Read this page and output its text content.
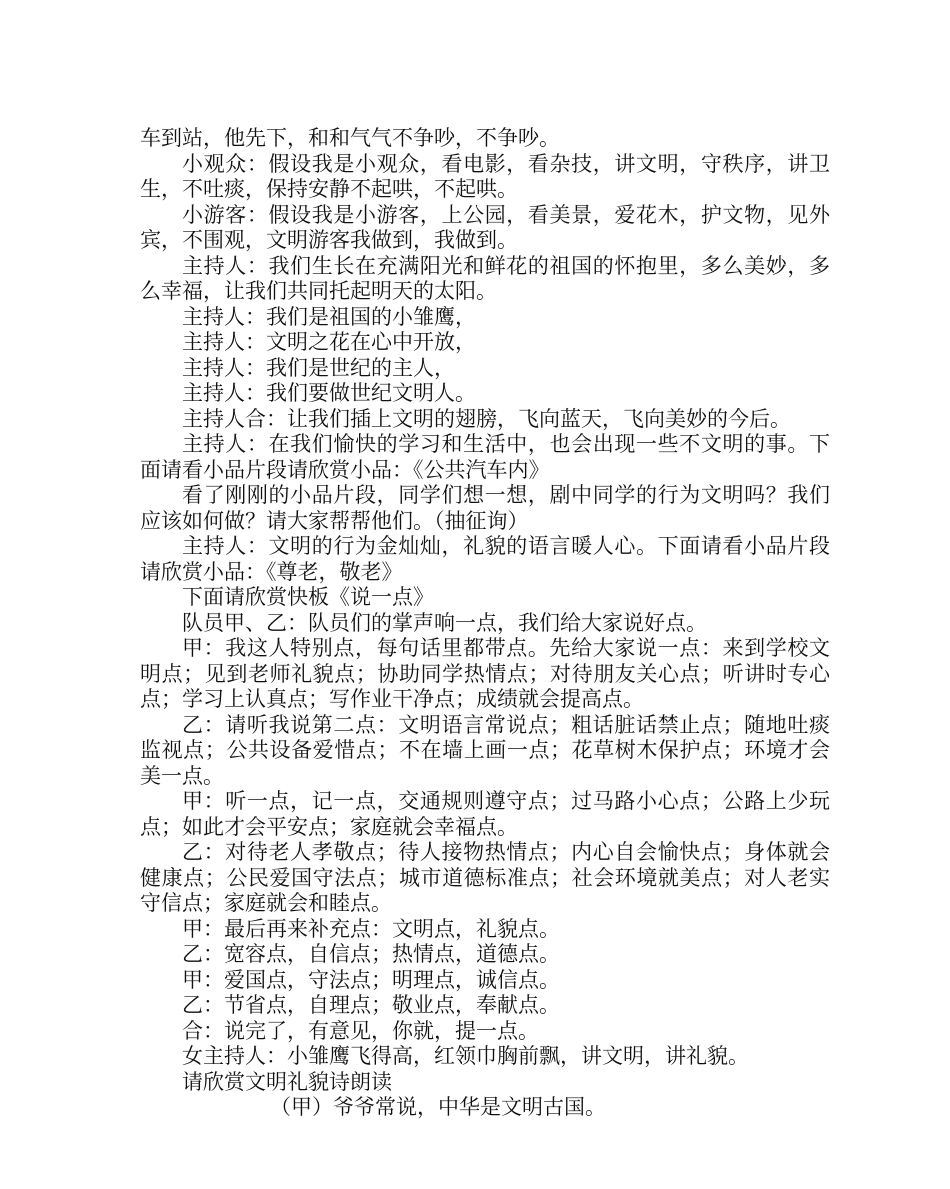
车到站，他先下，和和气气不争吵，不争吵。

小观众：假设我是小观众，看电影，看杂技，讲文明，守秩序，讲卫生，不吐痰，保持安静不起哄，不起哄。

小游客：假设我是小游客，上公园，看美景，爱花木，护文物，见外宾，不围观，文明游客我做到，我做到。

主持人：我们生长在充满阳光和鲜花的祖国的怀抱里，多么美妙，多么幸福，让我们共同托起明天的太阳。

主持人：我们是祖国的小雏鹰，

主持人：文明之花在心中开放，

主持人：我们是世纪的主人，

主持人：我们要做世纪文明人。

主持人合：让我们插上文明的翅膀，飞向蓝天，飞向美妙的今后。

主持人：在我们愉快的学习和生活中，也会出现一些不文明的事。下面请看小品片段请欣赏小品：《公共汽车内》

看了刚刚的小品片段，同学们想一想，剧中同学的行为文明吗？我们应该如何做？请大家帮帮他们。（抽征询）

主持人：文明的行为金灿灿，礼貌的语言暖人心。下面请看小品片段请欣赏小品：《尊老，敬老》

下面请欣赏快板《说一点》

队员甲、乙：队员们的掌声响一点，我们给大家说好点。

甲：我这人特别点，每句话里都带点。先给大家说一点：来到学校文明点；见到老师礼貌点；协助同学热情点；对待朋友关心点；听讲时专心点；学习上认真点；写作业干净点；成绩就会提高点。

乙：请听我说第二点：文明语言常说点；粗话脏话禁止点；随地吐痰监视点；公共设备爱惜点；不在墙上画一点；花草树木保护点；环境才会美一点。

甲：听一点，记一点，交通规则遵守点；过马路小心点；公路上少玩点；如此才会平安点；家庭就会幸福点。

乙：对待老人孝敬点；待人接物热情点；内心自会愉快点；身体就会健康点；公民爱国守法点；城市道德标准点；社会环境就美点；对人老实守信点；家庭就会和睦点。

甲：最后再来补充点：文明点，礼貌点。

乙：宽容点，自信点；热情点，道德点。

甲：爱国点，守法点；明理点，诚信点。

乙：节省点，自理点；敬业点，奉献点。

合：说完了，有意见，你就，提一点。

女主持人：小雏鹰飞得高，红领巾胸前飘，讲文明，讲礼貌。

请欣赏文明礼貌诗朗读

（甲）爷爷常说，中华是文明古国。
